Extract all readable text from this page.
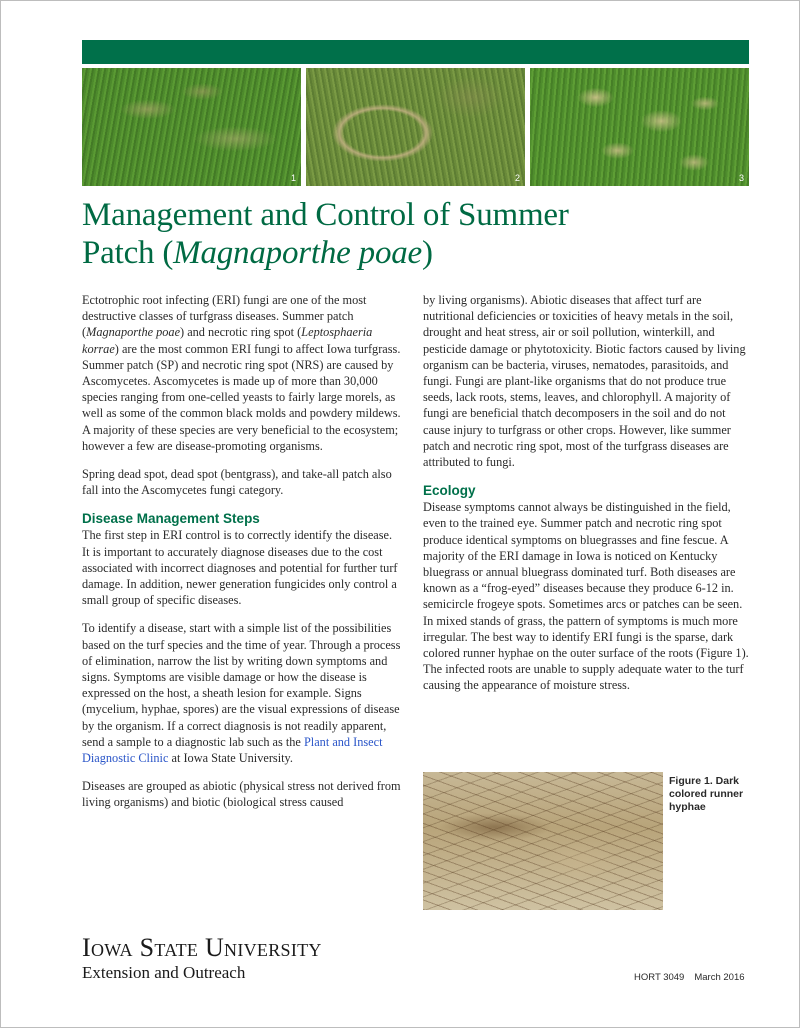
1	2	3
Management and Control of Summer
Patch (Magnaporthe poae)

Ectotrophic root infecting (ERI) fungi are one of the most destructive classes of turfgrass diseases. Summer patch (Magnaporthe poae) and necrotic ring spot (Leptosphaeria korrae) are the most common ERI fungi to affect Iowa turfgrass. Summer patch (SP) and necrotic ring spot (NRS) are caused by Ascomycetes. Ascomycetes is made up of more than 30,000 species ranging from one-celled yeasts to fairly large morels, as well as some of the common black molds and powdery mildews. A majority of these species are very beneficial to the ecosystem; however a few are disease-promoting organisms.

Spring dead spot, dead spot (bentgrass), and take-all patch also fall into the Ascomycetes fungi category.

Disease Management Steps

The first step in ERI control is to correctly identify the disease. It is important to accurately diagnose diseases due to the cost associated with incorrect diagnoses and potential for further turf damage. In addition, newer generation fungicides only control a small group of specific diseases.

To identify a disease, start with a simple list of the possibilities based on the turf species and the time of year. Through a process of elimination, narrow the list by writing down symptoms and signs. Symptoms are visible damage or how the disease is expressed on the host, a sheath lesion for example. Signs (mycelium, hyphae, spores) are the visual expressions of disease by the organism. If a correct diagnosis is not readily apparent, send a sample to a diagnostic lab such as the Plant and Insect Diagnostic Clinic at Iowa State University.

Diseases are grouped as abiotic (physical stress not derived from living organisms) and biotic (biological stress caused

by living organisms). Abiotic diseases that affect turf are nutritional deficiencies or toxicities of heavy metals in the soil, drought and heat stress, air or soil pollution, winterkill, and pesticide damage or phytotoxicity. Biotic factors caused by living organism can be bacteria, viruses, nematodes, parasitoids, and fungi. Fungi are plant-like organisms that do not produce true seeds, lack roots, stems, leaves, and chlorophyll. A majority of fungi are beneficial thatch decomposers in the soil and do not cause injury to turfgrass or other crops. However, like summer patch and necrotic ring spot, most of the turfgrass diseases are attributed to fungi.

Ecology

Disease symptoms cannot always be distinguished in the field, even to the trained eye. Summer patch and necrotic ring spot produce identical symptoms on bluegrasses and fine fescue. A majority of the ERI damage in Iowa is noticed on Kentucky bluegrass or annual bluegrass dominated turf. Both diseases are known as a “frog-eyed” diseases because they produce 6-12 in. semicircle frogeye spots. Sometimes arcs or patches can be seen. In mixed stands of grass, the pattern of symptoms is much more irregular. The best way to identify ERI fungi is the sparse, dark colored runner hyphae on the outer surface of the roots (Figure 1). The infected roots are unable to supply adequate water to the turf causing the appearance of moisture stress.

Figure 1. Dark colored runner hyphae
Iowa State University
Extension and Outreach	HORT 3049 March 2016
